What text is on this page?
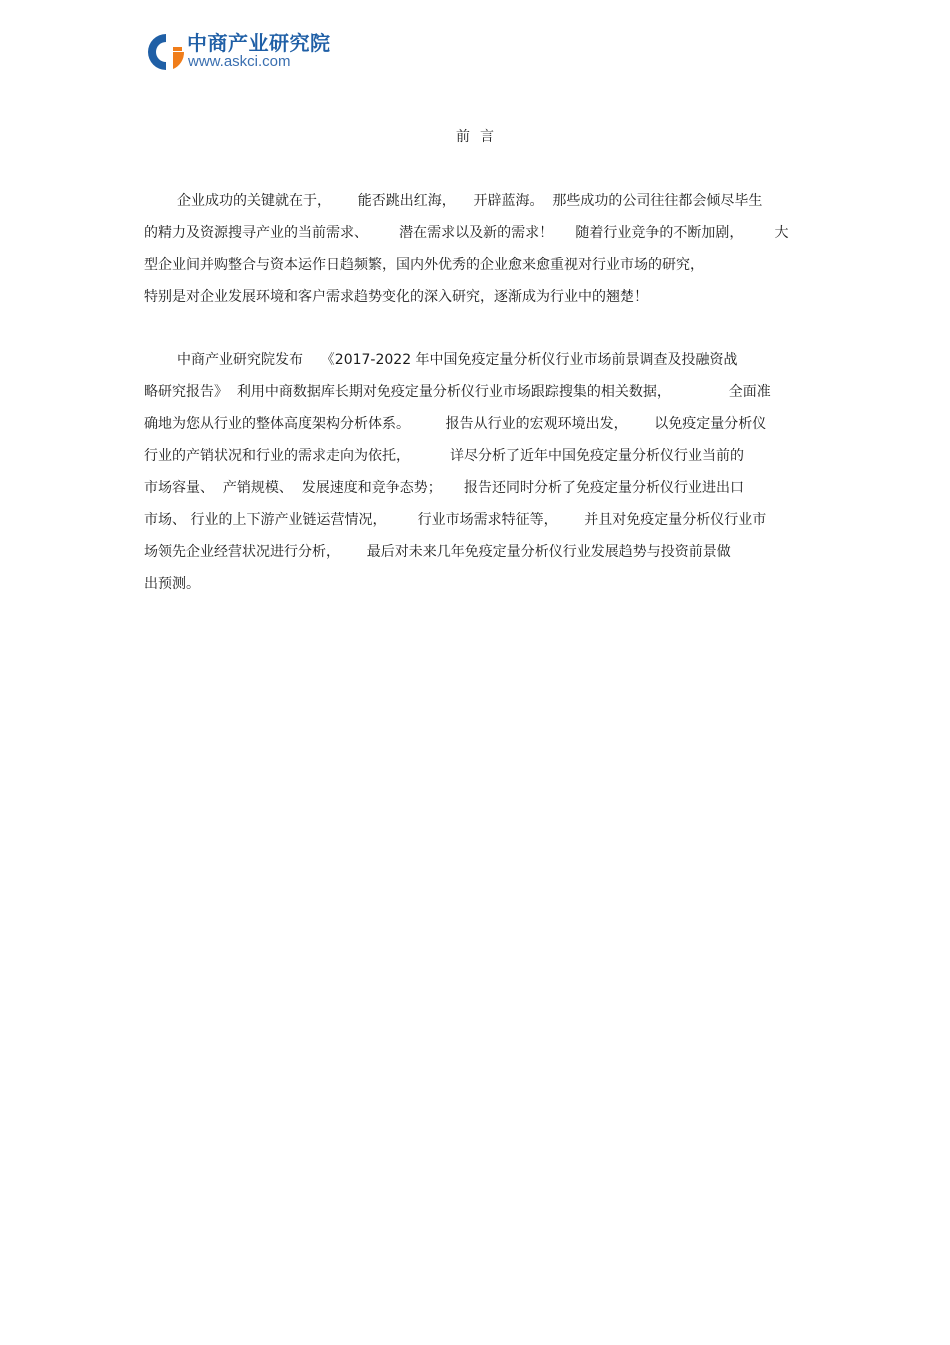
中商产业研究院
www.askci.com
前言
企业成功的关键就在于，      能否跳出红海，    开辟蓝海。  那些成功的公司往往都会倾尽毕生
的精力及资源搜寻产业的当前需求、       潜在需求以及新的需求！     随着行业竞争的不断加剧，       大
型企业间并购整合与资本运作日趋频繁，国内外优秀的企业愈来愈重视对行业市场的研究，
特别是对企业发展环境和客户需求趋势变化的深入研究，逐渐成为行业中的翘楚！
中商产业研究院发布    《2017-2022 年中国免疫定量分析仪行业市场前景调查及投融资战
略研究报告》  利用中商数据库长期对免疫定量分析仪行业市场跟踪搜集的相关数据，             全面准
确地为您从行业的整体高度架构分析体系。        报告从行业的宏观环境出发，      以免疫定量分析仪
行业的产销状况和行业的需求走向为依托，         详尽分析了近年中国免疫定量分析仪行业当前的
市场容量、  产销规模、  发展速度和竞争态势；     报告还同时分析了免疫定量分析仪行业进出口
市场、 行业的上下游产业链运营情况，       行业市场需求特征等，      并且对免疫定量分析仪行业市
场领先企业经营状况进行分析，      最后对未来几年免疫定量分析仪行业发展趋势与投资前景做
出预测。
